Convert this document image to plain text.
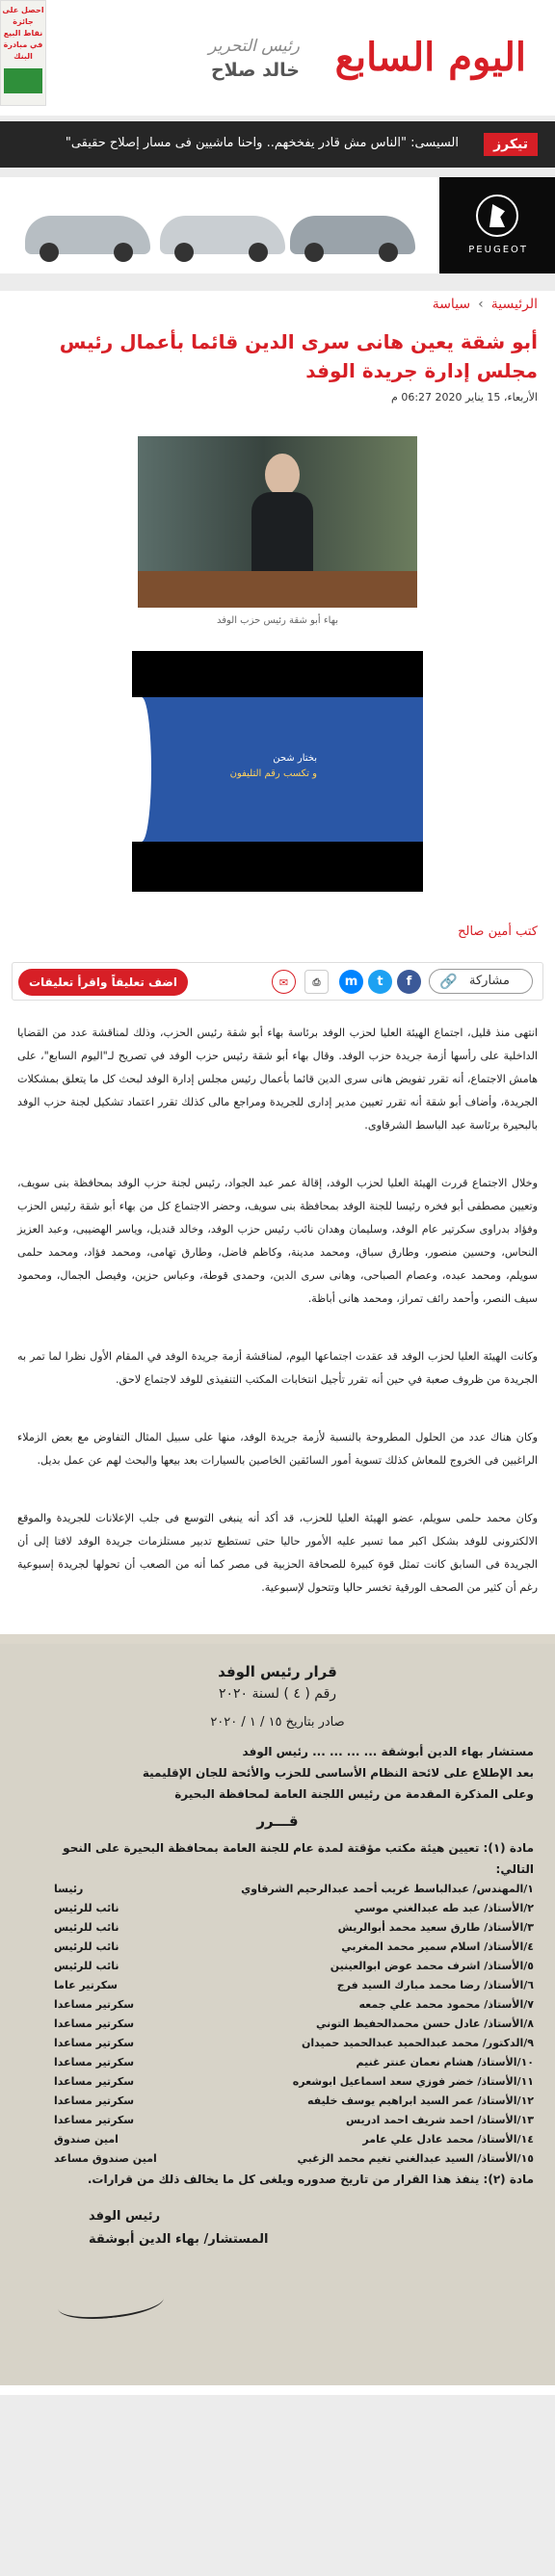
اليوم السابع
رئيس التحرير
خالد صلاح
احصل على جائزة نقاط البيع في مبادرة البنك
تيكرز
السيسى: "الناس مش قادر يفخخهم.. واحنا ماشيين فى مسار إصلاح حقيقى"
PEUGEOT
الرئيسية›سياسة
أبو شقة يعين هانى سرى الدين قائما بأعمال رئيس مجلس إدارة جريدة الوفد
الأربعاء، 15 يناير 2020 06:27 م
بهاء أبو شقة رئيس حزب الوفد
بختار شحن
و تكسب رقم التليفون
كتب أمين صالح
مشاركة
🔗
f
t
m
⎙
✉
اضف تعليقاً واقرأ تعليقات القراء

انتهى منذ قليل، اجتماع الهيئة العليا لحزب الوفد برئاسة بهاء أبو شقة رئيس الحزب، وذلك لمناقشة عدد من القضايا الداخلية على رأسها أزمة جريدة حزب الوفد. وقال بهاء أبو شقة رئيس حزب الوفد في تصريح لـ"اليوم السابع"، على هامش الاجتماع، أنه تقرر تفويض هانى سرى الدين قائما بأعمال رئيس مجلس إدارة الوفد لبحث كل ما يتعلق بمشكلات الجريدة، وأضاف أبو شقة أنه تقرر تعيين مدير إدارى للجريدة ومراجع مالى كذلك تقرر اعتماد تشكيل لجنة حزب الوفد بالبحيرة برئاسة عبد الباسط الشرقاوى.

وخلال الاجتماع قررت الهيئة العليا لحزب الوفد، إقالة عمر عبد الجواد، رئيس لجنة حزب الوفد بمحافظة بنى سويف، وتعيين مصطفى أبو فخره رئيسا للجنة الوفد بمحافظة بنى سويف، وحضر الاجتماع كل من بهاء أبو شقة رئيس الحزب وفؤاد بدراوى سكرتير عام الوفد، وسليمان وهدان نائب رئيس حزب الوفد، وخالد قنديل، وياسر الهضيبى، وعبد العزيز النحاس، وحسين منصور، وطارق سباق، ومحمد مدينة، وكاظم فاضل، وطارق تهامى، ومحمد فؤاد، ومحمد حلمى سويلم، ومحمد عبده، وعصام الصباحى، وهانى سرى الدين، وحمدى قوطة، وعباس حزين، وفيصل الجمال، ومحمود سيف النصر، وأحمد رائف تمراز، ومحمد هانى أباظة.

وكانت الهيئة العليا لحزب الوفد قد عقدت اجتماعها اليوم، لمناقشة أزمة جريدة الوفد في المقام الأول نظرا لما تمر به الجريدة من ظروف صعبة في حين أنه تقرر تأجيل انتخابات المكتب التنفيذى للوفد لاجتماع لاحق.

وكان هناك عدد من الحلول المطروحة بالنسبة لأزمة جريدة الوفد، منها على سبيل المثال التفاوض مع بعض الزملاء الراغبين فى الخروج للمعاش كذلك تسوية أمور السائقين الخاصين بالسيارات بعد بيعها والبحث لهم عن عمل بديل.

وكان محمد حلمى سويلم، عضو الهيئة العليا للحزب، قد أكد أنه ينبغى التوسع فى جلب الإعلانات للجريدة والموقع الالكترونى للوفد بشكل اكبر مما تسير عليه الأمور حاليا حتى تستطيع تدبير مستلزمات جريدة الوفد لافتا إلى أن الجريدة فى السابق كانت تمثل قوة كبيرة للصحافة الحزبية فى مصر كما أنه من الصعب أن تحولها لجريدة إسبوعية رغم أن كثير من الصحف الورقية تخسر حاليا وتتحول لإسبوعية.

قرار رئيس الوفد
رقم ( ٤ ) لسنة ٢٠٢٠
صادر بتاريخ ١٥ / ١ / ٢٠٢٠
مستشار بهاء الدين أبوشقة ... ... ... ... رئيس الوفد
بعد الإطلاع على لائحة النظام الأساسى للحزب والأئحة للجان الإقليمية
وعلى المذكرة المقدمة من رئيس اللجنة العامة لمحافظة البحيرة
قـــرر
مادة (١): تعيين هيئة مكتب مؤقتة لمدة عام للجنة العامة بمحافظة البحيرة على النحو التالي:
١/المهندس/ عبدالباسط غريب أحمد عبدالرحيم الشرقاوي
رئيسا
٢/الأستاذ/ عبد طه عبدالغني موسي
نائب للرئيس
٣/الأستاذ/ طارق سعيد محمد أبوالريش
نائب للرئيس
٤/الأستاذ/ اسلام سمير محمد المغربي
نائب للرئيس
٥/الأستاذ/ اشرف محمد عوض ابوالعينين
نائب للرئيس
٦/الأستاذ/ رضا محمد مبارك السيد فرج
سكرتير عاما
٧/الأستاذ/ محمود محمد علي جمعه
سكرتير مساعدا
٨/الأستاذ/ عادل حسن محمدالحفيظ التوني
سكرتير مساعدا
٩/الدكتور/ محمد عبدالحميد عبدالحميد حميدان
سكرتير مساعدا
١٠/الأستاذ/ هشام نعمان عنتر غنيم
سكرتير مساعدا
١١/الأستاذ/ خضر فوزي سعد اسماعيل ابوشعره
سكرتير مساعدا
١٢/الأستاذ/ عمر السيد ابراهيم يوسف خليفه
سكرتير مساعدا
١٣/الأستاذ/ احمد شريف احمد ادريس
سكرتير مساعدا
١٤/الأستاذ/ محمد عادل علي عامر
امين صندوق
١٥/الأستاذ/ السيد عبدالغني تغيم محمد الزغبي
امين صندوق مساعد
مادة (٢): ينفذ هذا القرار من تاريخ صدوره ويلغى كل ما يخالف ذلك من قرارات.
رئيس الوفد
المستشار/ بهاء الدين أبوشقة
